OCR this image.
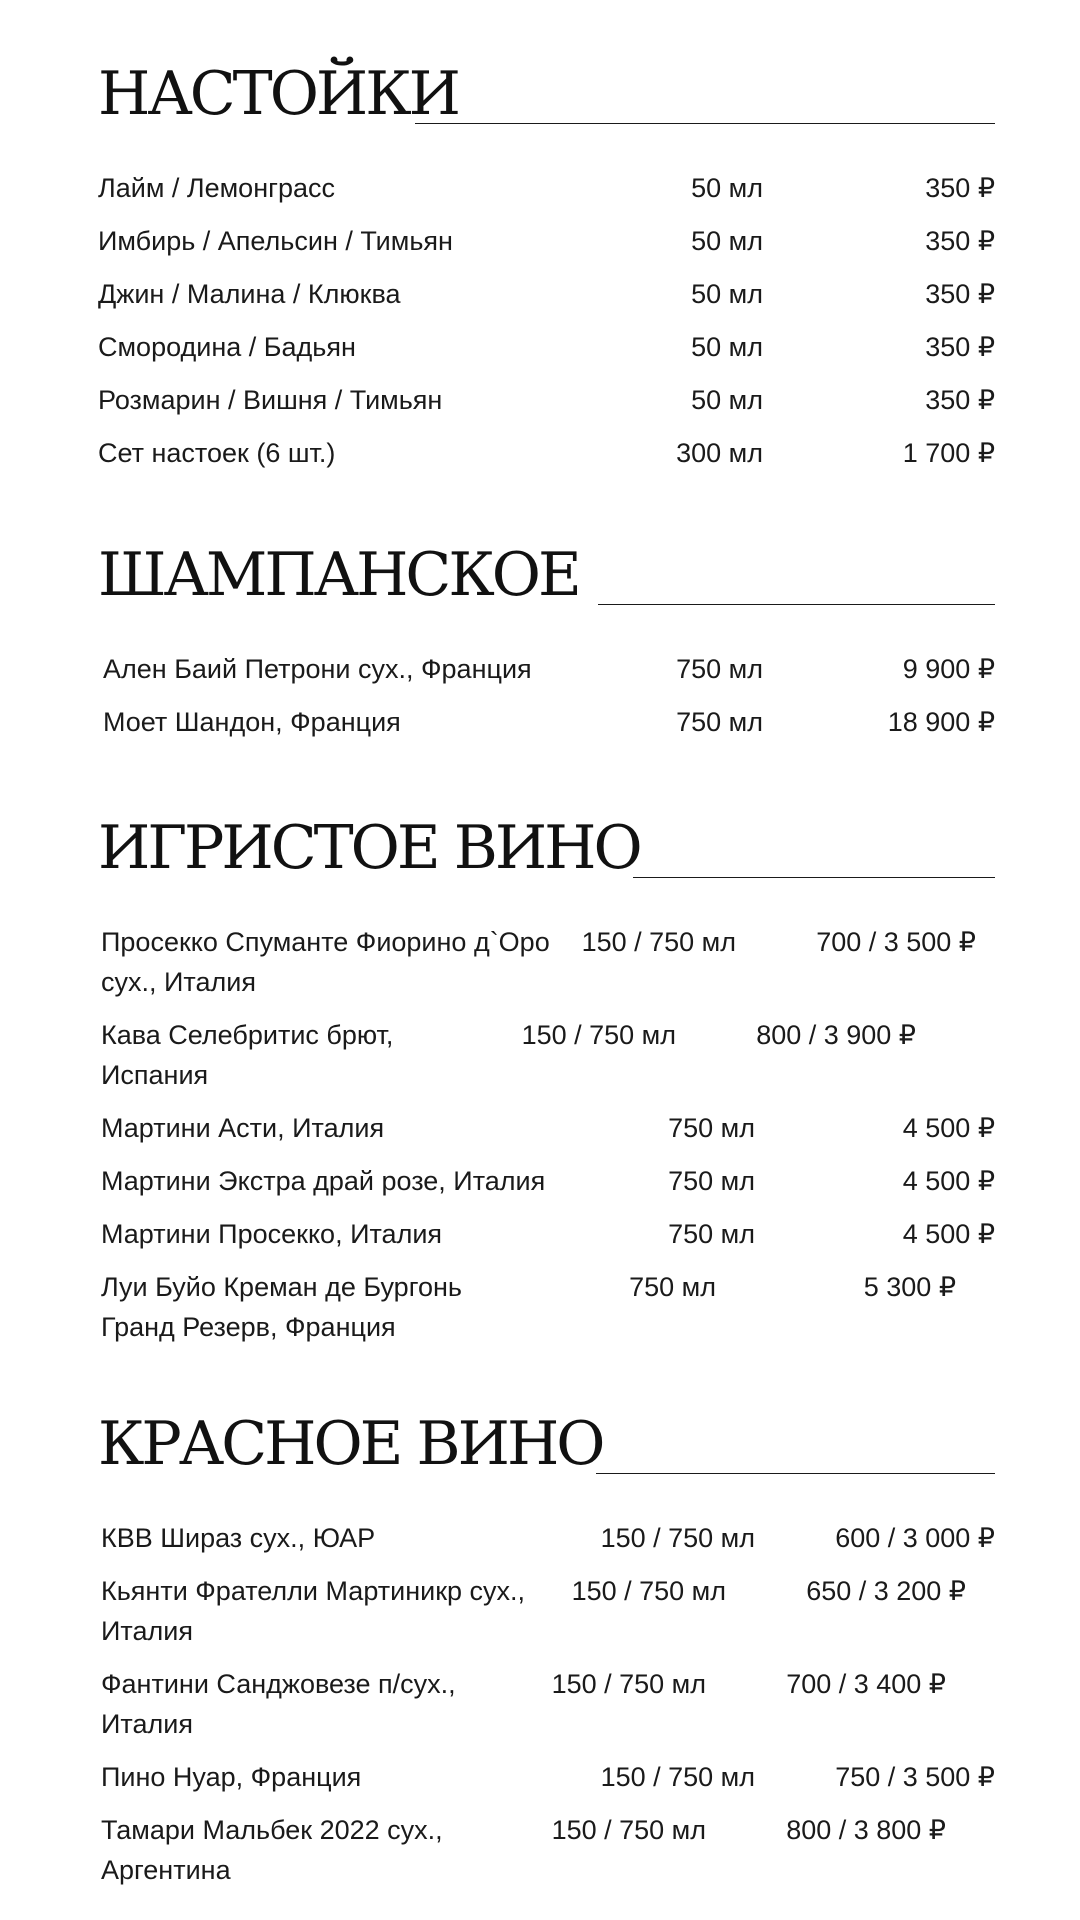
НАСТОЙКИ
Лайм / Лемонграсс	50 мл	350 ₽
Имбирь / Апельсин / Тимьян	50 мл	350 ₽
Джин / Малина / Клюква	50 мл	350 ₽
Смородина / Бадьян	50 мл	350 ₽
Розмарин / Вишня / Тимьян	50 мл	350 ₽
Сет настоек (6 шт.)	300 мл	1 700 ₽
ШАМПАНСКОЕ
Ален Баий Петрони сух., Франция	750 мл	9 900 ₽
Моет Шандон, Франция	750 мл	18 900 ₽
ИГРИСТОЕ ВИНО
Просекко Спуманте Фиорино д`Оро сух., Италия
150 / 750 мл	700 / 3 500 ₽
Кава Селебритис брют, Испания
150 / 750 мл	800 / 3 900 ₽
Мартини Асти, Италия	750 мл	4 500 ₽
Мартини Экстра драй розе, Италия	750 мл	4 500 ₽
Мартини Просекко, Италия	750 мл	4 500 ₽
Луи Буйо Креман де Бургонь Гранд Резерв, Франция
750 мл	5 300 ₽
КРАСНОЕ ВИНО
КВВ Шираз сух., ЮАР	150 / 750 мл	600 / 3 000 ₽
Кьянти Фрателли Мартиникр сух., Италия
150 / 750 мл	650 / 3 200 ₽
Фантини Санджовезе п/сух., Италия
150 / 750 мл	700 / 3 400 ₽
Пино Нуар, Франция	150 / 750 мл	750 / 3 500 ₽
Тамари Мальбек 2022 сух., Аргентина
150 / 750 мл	800 / 3 800 ₽
